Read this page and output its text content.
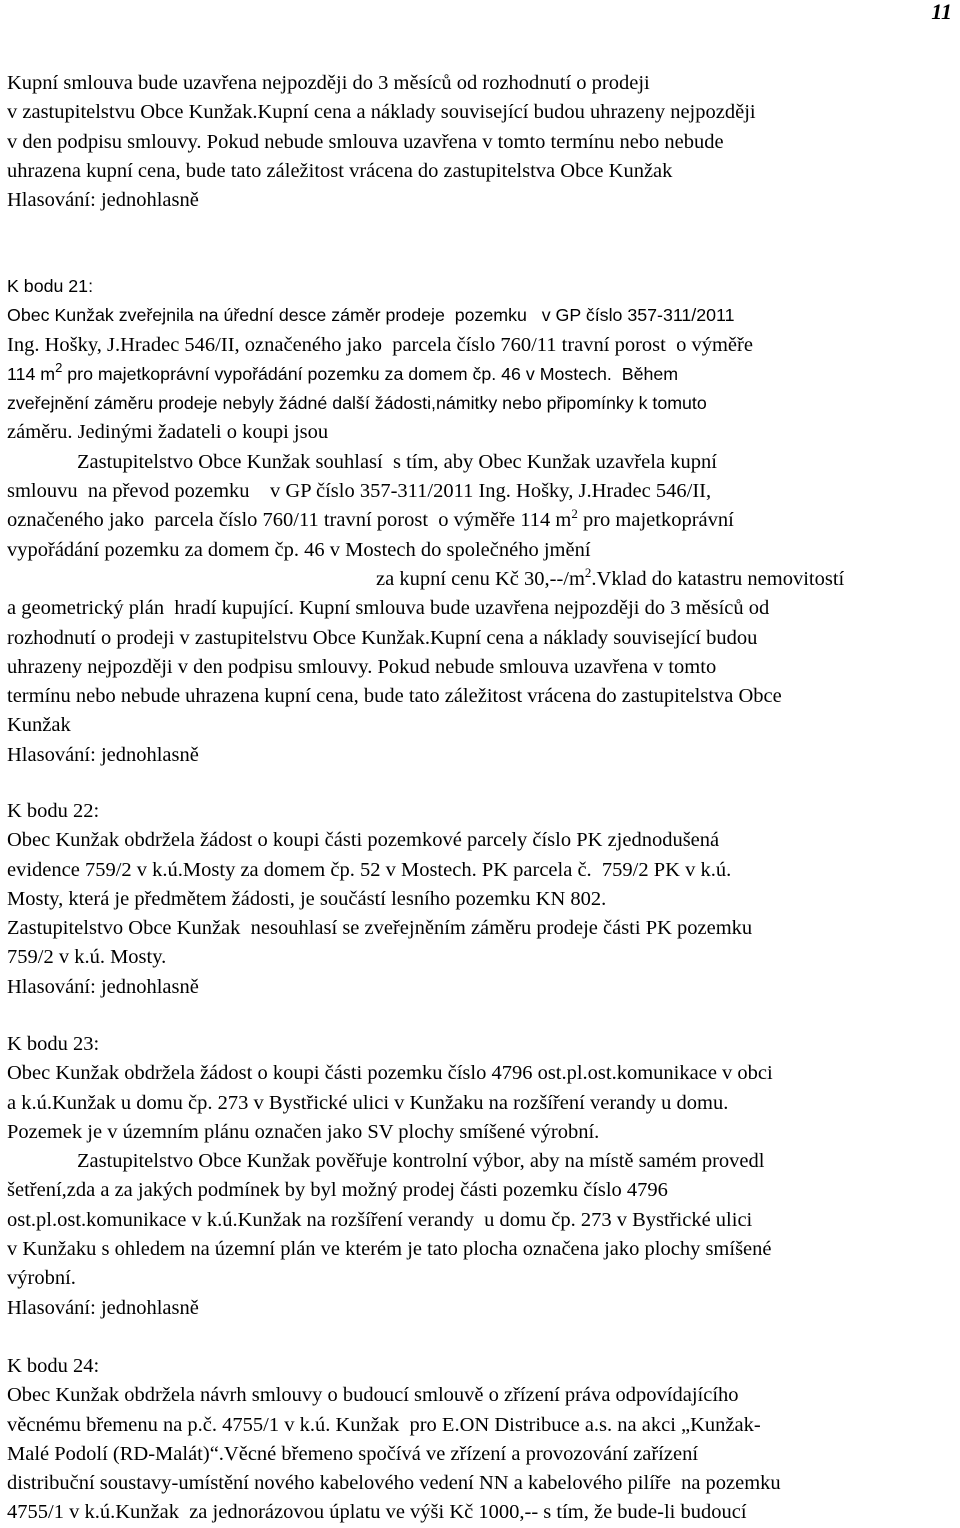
11
Kupní smlouva bude uzavřena nejpozději do 3 měsíců od rozhodnutí o prodeji
v zastupitelstvu Obce Kunžak.Kupní cena a náklady související budou uhrazeny nejpozději
v den podpisu smlouvy. Pokud nebude smlouva uzavřena v tomto termínu nebo nebude
uhrazena kupní cena, bude tato záležitost vrácena do zastupitelstva Obce Kunžak
Hlasování: jednohlasně
K bodu 21:
Obec Kunžak zveřejnila na úřední desce záměr prodeje  pozemku   v GP číslo 357-311/2011
Ing. Hošky, J.Hradec 546/II, označeného jako  parcela číslo 760/11 travní porost  o výměře
114 $m^2$ pro majetkoprávní vypořádání pozemku za domem čp. 46 v Mostech.  Během
zveřejnění záměru prodeje nebyly žádné další žádosti,námitky nebo připomínky k tomuto
záměru. Jedinými žadateli o koupi jsou
Zastupitelstvo Obce Kunžak souhlasí  s tím, aby Obec Kunžak uzavřela kupní
smlouvu  na převod pozemku    v GP číslo 357-311/2011 Ing. Hošky, J.Hradec 546/II,
označeného jako  parcela číslo 760/11 travní porost  o výměře 114 $m^2$ pro majetkoprávní
vypořádání pozemku za domem čp. 46 v Mostech do společného jmění
za kupní cenu Kč $30,--/m^2.Vklad$ do katastru nemovitostí
a geometrický plán  hradí kupující. Kupní smlouva bude uzavřena nejpozději do 3 měsíců od
rozhodnutí o prodeji v zastupitelstvu Obce Kunžak.Kupní cena a náklady související budou
uhrazeny nejpozději v den podpisu smlouvy. Pokud nebude smlouva uzavřena v tomto
termínu nebo nebude uhrazena kupní cena, bude tato záležitost vrácena do zastupitelstva Obce
Kunžak
Hlasování: jednohlasně
K bodu 22:
Obec Kunžak obdržela žádost o koupi části pozemkové parcely číslo PK zjednodušená
evidence 759/2 v k.ú.Mosty za domem čp. 52 v Mostech. PK parcela č.  759/2 PK v k.ú.
Mosty, která je předmětem žádosti, je součástí lesního pozemku KN 802.
Zastupitelstvo Obce Kunžak  nesouhlasí se zveřejněním záměru prodeje části PK pozemku
759/2 v k.ú. Mosty.
Hlasování: jednohlasně
K bodu 23:
Obec Kunžak obdržela žádost o koupi části pozemku číslo 4796 ost.pl.ost.komunikace v obci
a k.ú.Kunžak u domu čp. 273 v Bystřické ulici v Kunžaku na rozšíření verandy u domu.
Pozemek je v územním plánu označen jako SV plochy smíšené výrobní.
Zastupitelstvo Obce Kunžak pověřuje kontrolní výbor, aby na místě samém provedl
šetření,zda a za jakých podmínek by byl možný prodej části pozemku číslo 4796
ost.pl.ost.komunikace v k.ú.Kunžak na rozšíření verandy  u domu čp. 273 v Bystřické ulici
v Kunžaku s ohledem na územní plán ve kterém je tato plocha označena jako plochy smíšené
výrobní.
Hlasování: jednohlasně
K bodu 24:
Obec Kunžak obdržela návrh smlouvy o budoucí smlouvě o zřízení práva odpovídajícího
věcnému břemenu na p.č. 4755/1 v k.ú. Kunžak  pro E.ON Distribuce a.s. na akci „Kunžak-
Malé Podolí (RD-Malát)“.Věcné břemeno spočívá ve zřízení a provozování zařízení
distribuční soustavy-umístění nového kabelového vedení NN a kabelového pilíře  na pozemku
4755/1 v k.ú.Kunžak  za jednorázovou úplatu ve výši Kč 1000,-- s tím, že bude-li budoucí
